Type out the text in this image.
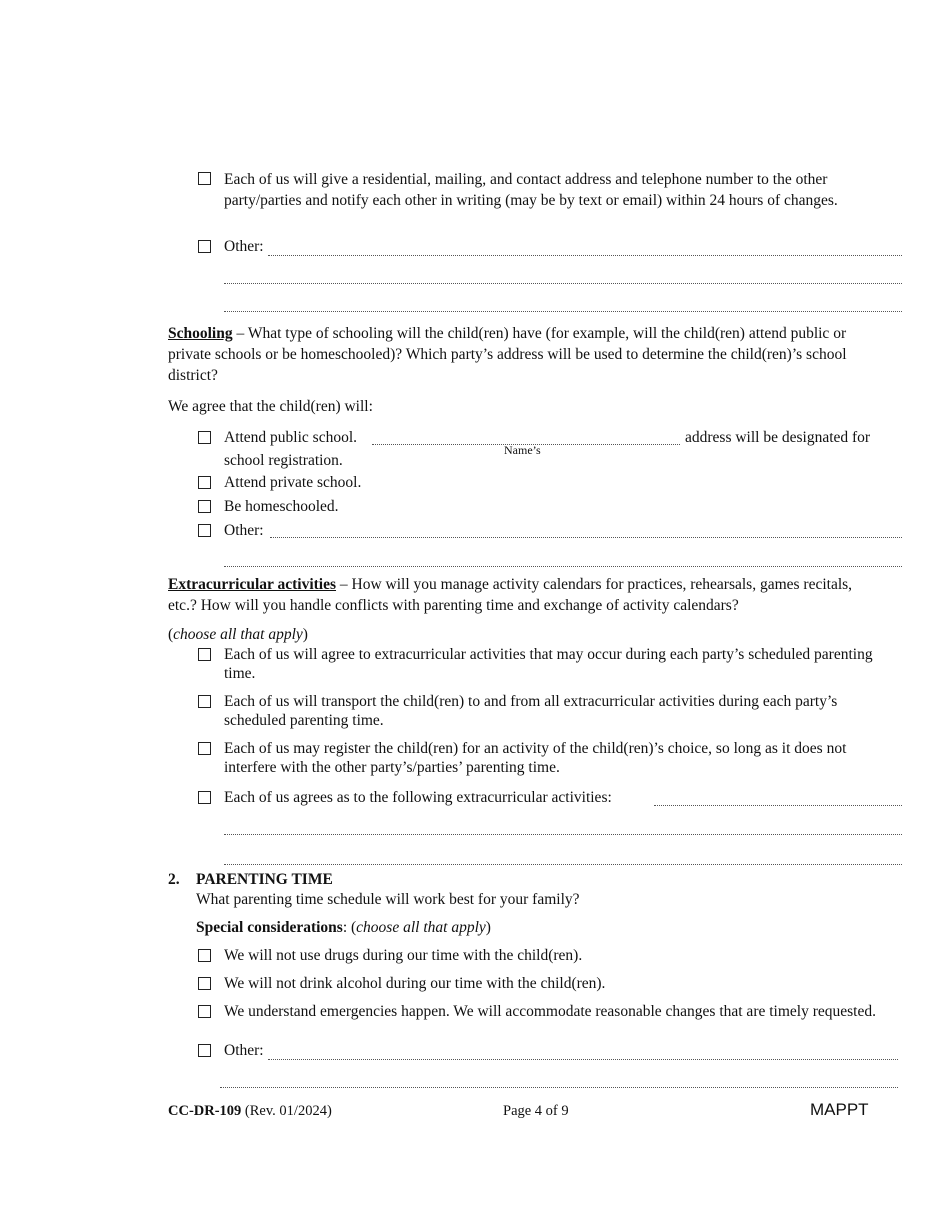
Each of us will give a residential, mailing, and contact address and telephone number to the other party/parties and notify each other in writing (may be by text or email) within 24 hours of changes.
Other:
Schooling – What type of schooling will the child(ren) have (for example, will the child(ren) attend public or private schools or be homeschooled)? Which party’s address will be used to determine the child(ren)’s school district?
We agree that the child(ren) will:
Attend public school.
Name’s
address will be designated for
school registration.
Attend private school.
Be homeschooled.
Other:
Extracurricular activities – How will you manage activity calendars for practices, rehearsals, games recitals, etc.? How will you handle conflicts with parenting time and exchange of activity calendars?
(choose all that apply)
Each of us will agree to extracurricular activities that may occur during each party’s scheduled parenting time.
Each of us will transport the child(ren) to and from all extracurricular activities during each party’s scheduled parenting time.
Each of us may register the child(ren) for an activity of the child(ren)’s choice, so long as it does not interfere with the other party’s/parties’ parenting time.
Each of us agrees as to the following extracurricular activities:
2. PARENTING TIME
What parenting time schedule will work best for your family?
Special considerations: (choose all that apply)
We will not use drugs during our time with the child(ren).
We will not drink alcohol during our time with the child(ren).
We understand emergencies happen. We will accommodate reasonable changes that are timely requested.
Other:
CC-DR-109 (Rev. 01/2024)	Page 4 of 9	MAPPT
